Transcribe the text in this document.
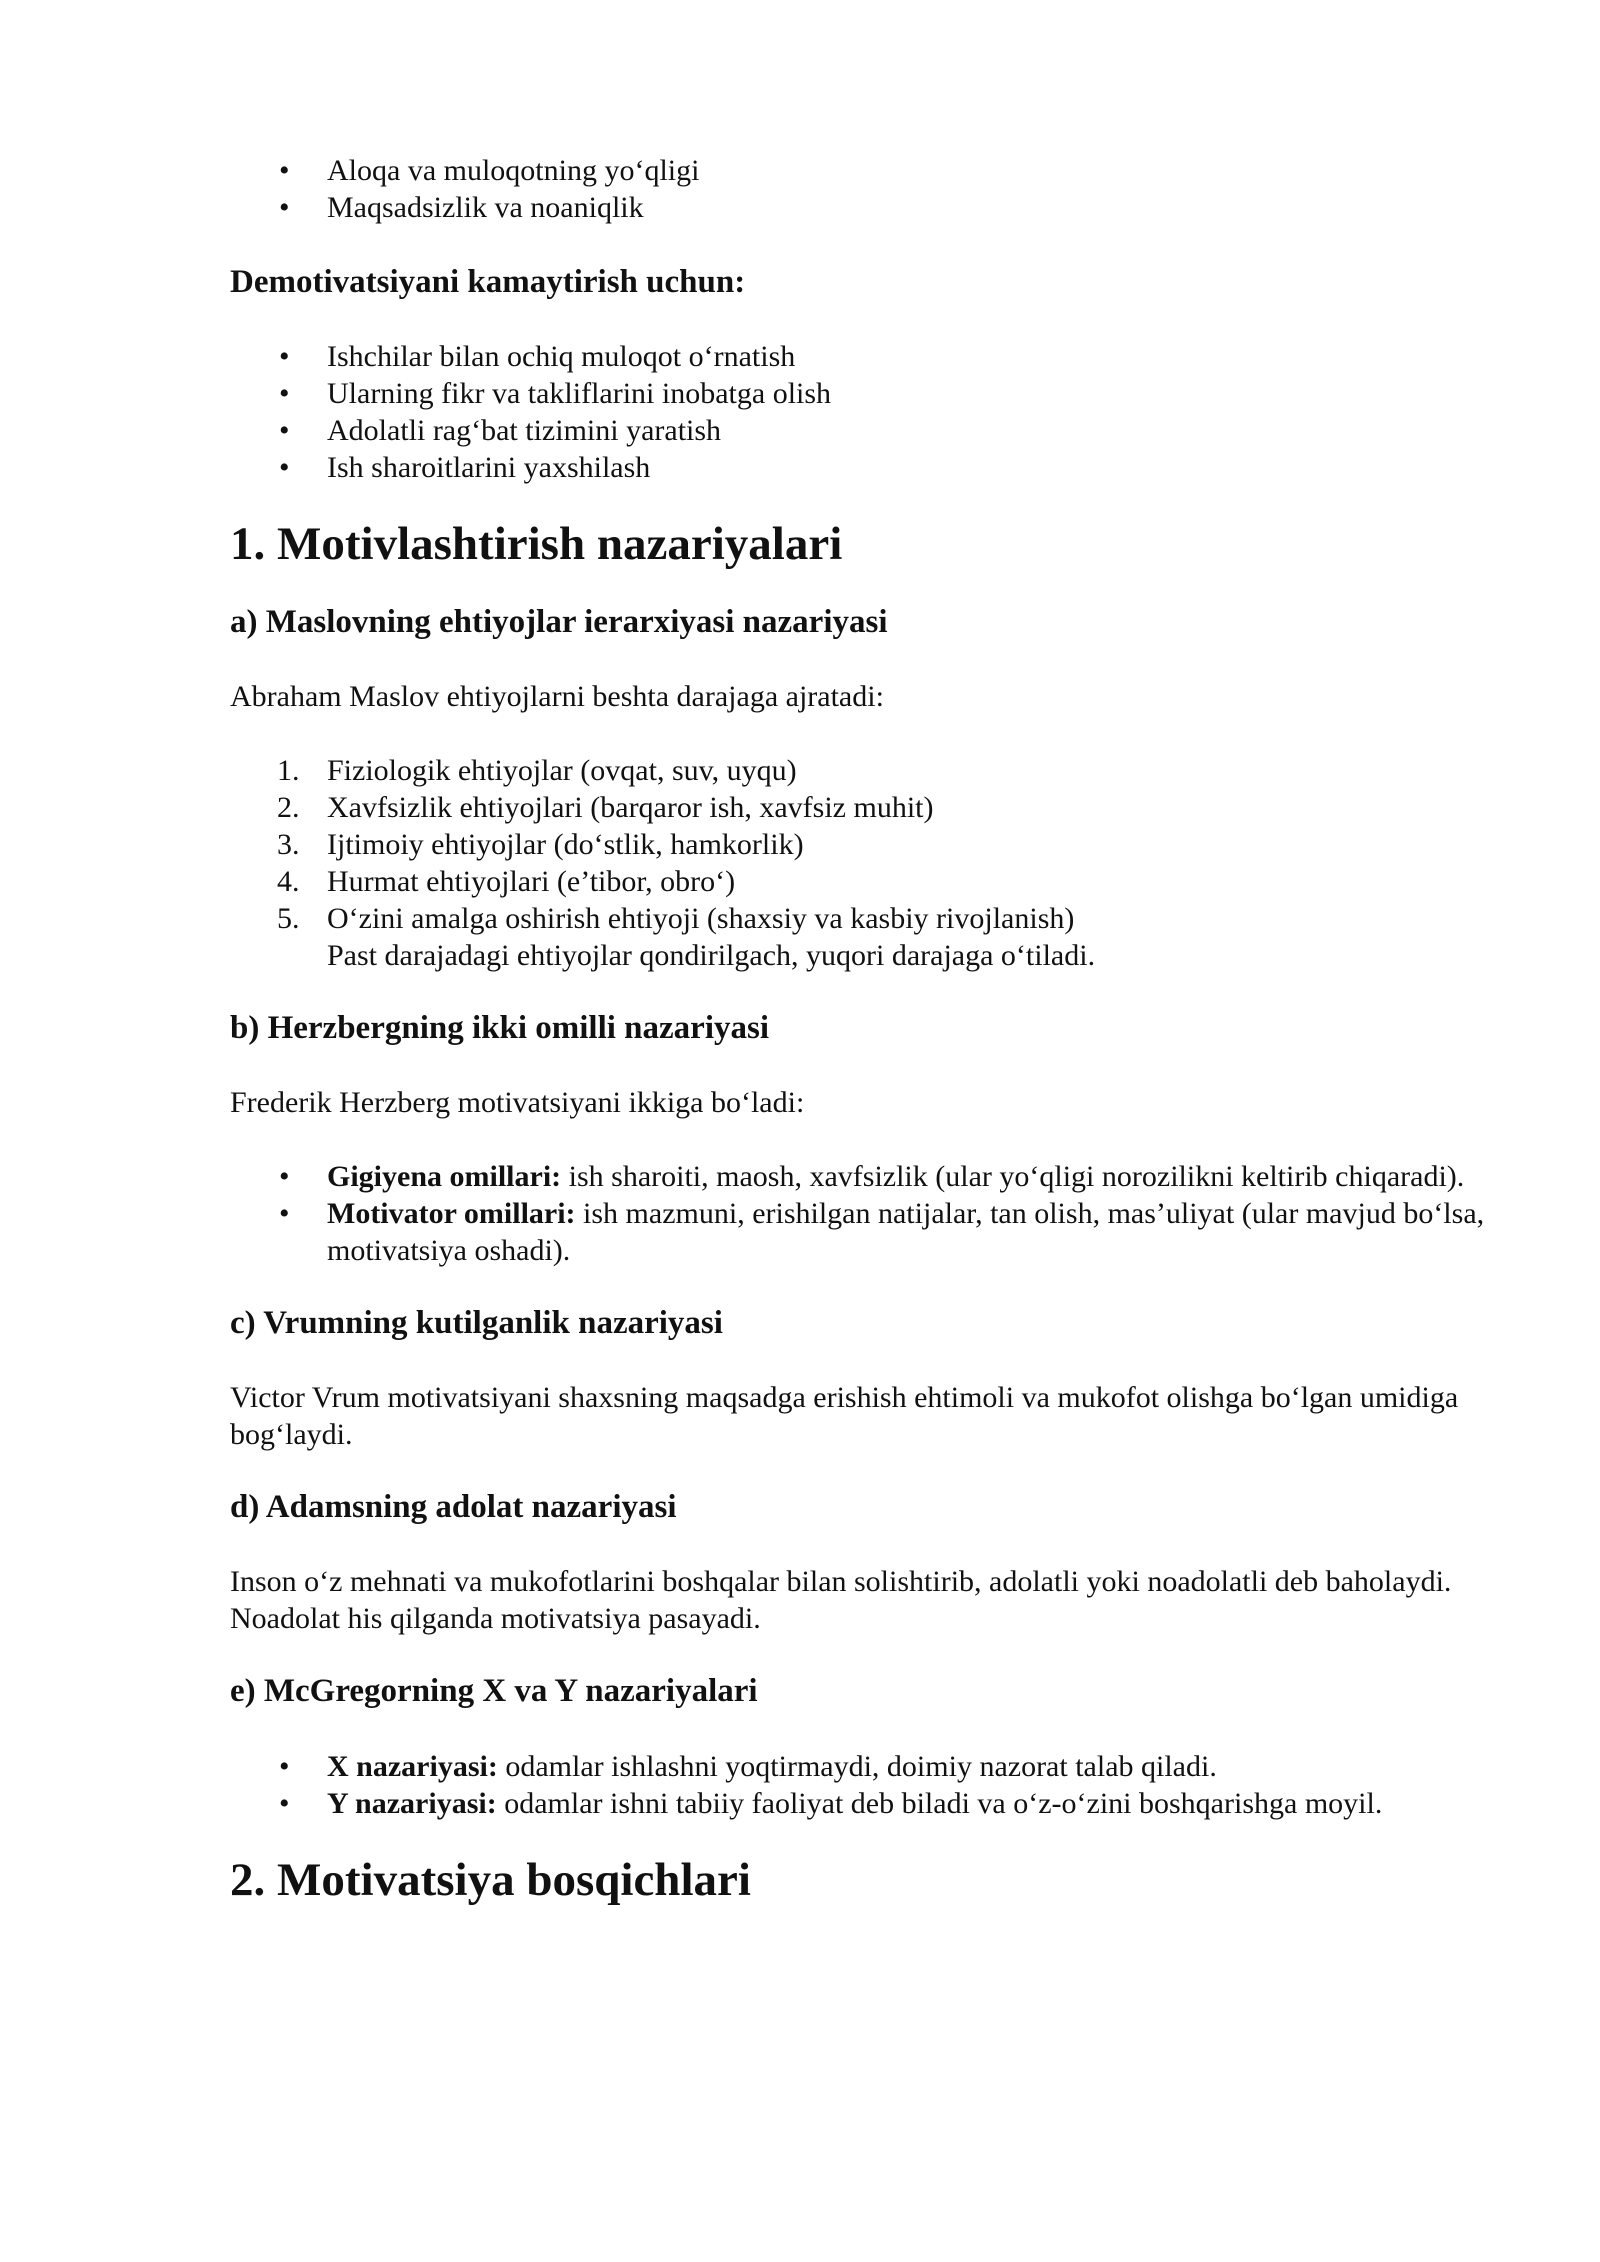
•	Aloqa va muloqotning yo‘qligi
•	Maqsadsizlik va noaniqlik
Demotivatsiyani kamaytirish uchun:
•	Ishchilar bilan ochiq muloqot o‘rnatish
•	Ularning fikr va takliflarini inobatga olish
•	Adolatli rag‘bat tizimini yaratish
•	Ish sharoitlarini yaxshilash
1. Motivlashtirish nazariyalari
a) Maslovning ehtiyojlar ierarxiyasi nazariyasi
Abraham Maslov ehtiyojlarni beshta darajaga ajratadi:
1. Fiziologik ehtiyojlar (ovqat, suv, uyqu)
2. Xavfsizlik ehtiyojlari (barqaror ish, xavfsiz muhit)
3. Ijtimoiy ehtiyojlar (do‘stlik, hamkorlik)
4. Hurmat ehtiyojlari (e’tibor, obro‘)
5. O‘zini amalga oshirish ehtiyoji (shaxsiy va kasbiy rivojlanish)
Past darajadagi ehtiyojlar qondirilgach, yuqori darajaga o‘tiladi.
b) Herzbergning ikki omilli nazariyasi
Frederik Herzberg motivatsiyani ikkiga bo‘ladi:
•	Gigiyena omillari: ish sharoiti, maosh, xavfsizlik (ular yo‘qligi norozilikni keltirib chiqaradi).
•	Motivator omillari: ish mazmuni, erishilgan natijalar, tan olish, mas’uliyat (ular mavjud bo‘lsa, motivatsiya oshadi).
c) Vrumning kutilganlik nazariyasi
Victor Vrum motivatsiyani shaxsning maqsadga erishish ehtimoli va mukofot olishga bo‘lgan umidiga bog‘laydi.
d) Adamsning adolat nazariyasi
Inson o‘z mehnati va mukofotlarini boshqalar bilan solishtirib, adolatli yoki noadolatli deb baholaydi. Noadolat his qilganda motivatsiya pasayadi.
e) McGregorning X va Y nazariyalari
•	X nazariyasi: odamlar ishlashni yoqtirmaydi, doimiy nazorat talab qiladi.
•	Y nazariyasi: odamlar ishni tabiiy faoliyat deb biladi va o‘z-o‘zini boshqarishga moyil.
2. Motivatsiya bosqichlari
